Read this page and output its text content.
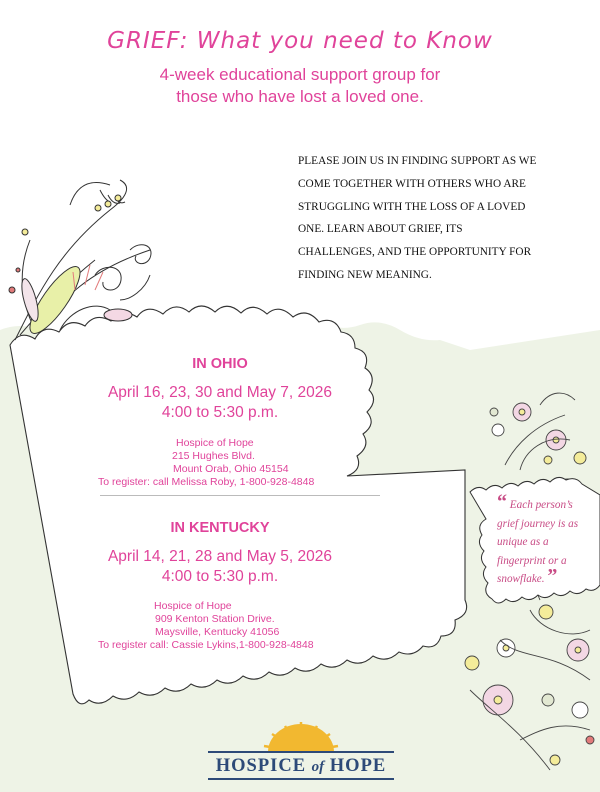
GRIEF: What you need to Know
4-week educational support group for
those who have lost a loved one.
PLEASE JOIN US IN FINDING SUPPORT AS WE
COME TOGETHER WITH OTHERS WHO ARE
STRUGGLING WITH THE LOSS OF A LOVED
ONE. LEARN ABOUT GRIEF, ITS
CHALLENGES, AND THE OPPORTUNITY FOR
FINDING NEW MEANING.
IN OHIO
April 16, 23, 30 and May 7, 2026
4:00 to 5:30 p.m.
Hospice of Hope
215 Hughes Blvd.
Mount Orab, Ohio 45154
To register: call Melissa Roby, 1-800-928-4848
IN KENTUCKY
April 14, 21, 28 and May 5, 2026
4:00 to 5:30 p.m.
Hospice of Hope
909 Kenton Station Drive.
Maysville, Kentucky 41056
To register call: Cassie Lykins,1-800-928-4848
“ Each person’s
grief journey is as
unique as a
fingerprint or a
snowflake. ”
HOSPICE of HOPE
